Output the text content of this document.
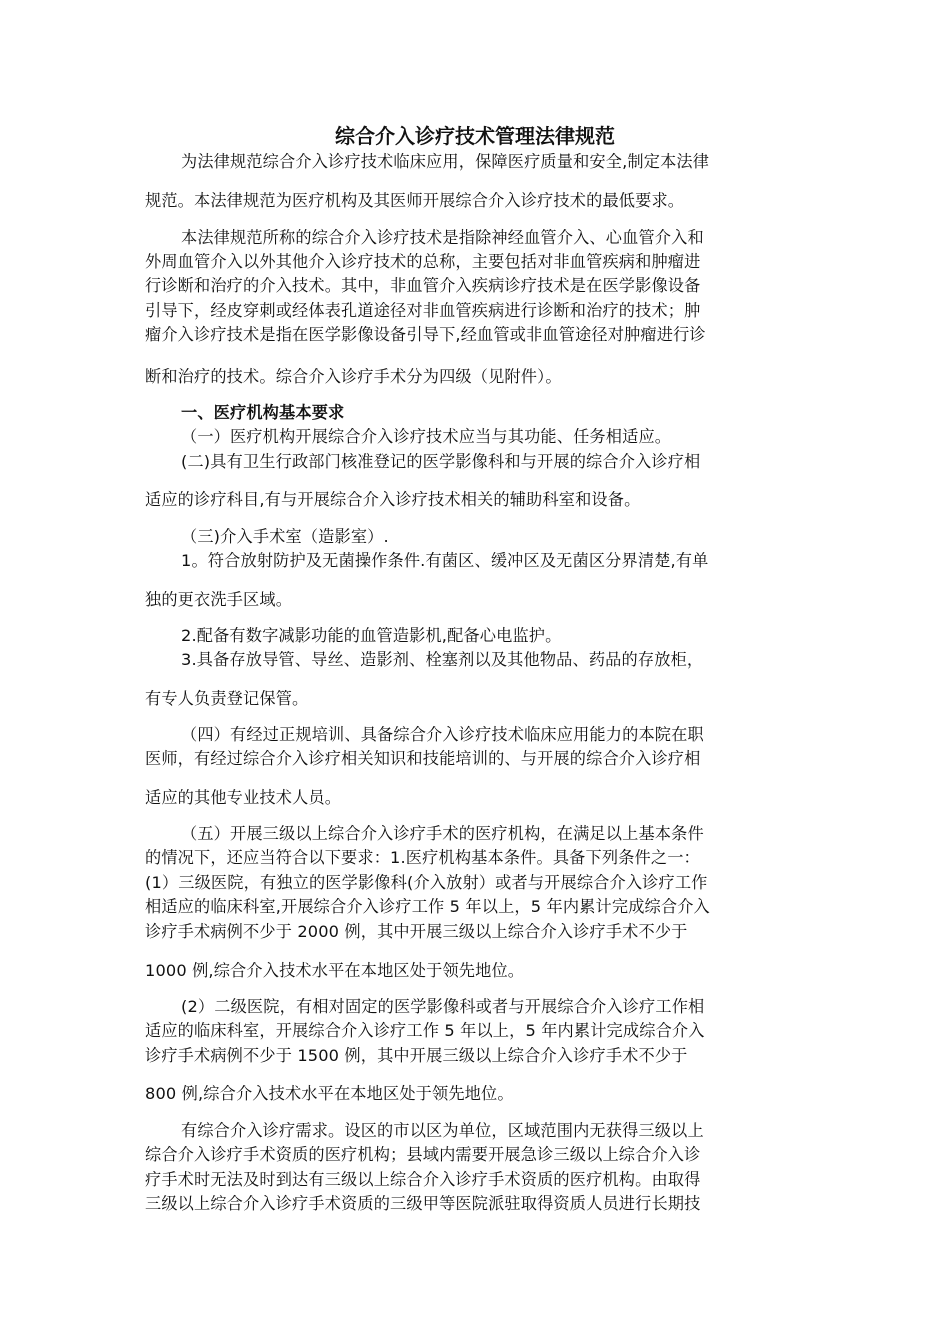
综合介入诊疗技术管理法律规范
为法律规范综合介入诊疗技术临床应用，保障医疗质量和安全,制定本法律
规范。本法律规范为医疗机构及其医师开展综合介入诊疗技术的最低要求。
本法律规范所称的综合介入诊疗技术是指除神经血管介入、心血管介入和
外周血管介入以外其他介入诊疗技术的总称，主要包括对非血管疾病和肿瘤进
行诊断和治疗的介入技术。其中，非血管介入疾病诊疗技术是在医学影像设备
引导下，经皮穿刺或经体表孔道途径对非血管疾病进行诊断和治疗的技术；肿
瘤介入诊疗技术是指在医学影像设备引导下,经血管或非血管途径对肿瘤进行诊
断和治疗的技术。综合介入诊疗手术分为四级（见附件）。
一、医疗机构基本要求
（一）医疗机构开展综合介入诊疗技术应当与其功能、任务相适应。
(二)具有卫生行政部门核准登记的医学影像科和与开展的综合介入诊疗相
适应的诊疗科目,有与开展综合介入诊疗技术相关的辅助科室和设备。
（三)介入手术室（造影室）.
1。符合放射防护及无菌操作条件.有菌区、缓冲区及无菌区分界清楚,有单
独的更衣洗手区域。
2.配备有数字减影功能的血管造影机,配备心电监护。
3.具备存放导管、导丝、造影剂、栓塞剂以及其他物品、药品的存放柜，
有专人负责登记保管。
（四）有经过正规培训、具备综合介入诊疗技术临床应用能力的本院在职
医师，有经过综合介入诊疗相关知识和技能培训的、与开展的综合介入诊疗相
适应的其他专业技术人员。
（五）开展三级以上综合介入诊疗手术的医疗机构，在满足以上基本条件
的情况下，还应当符合以下要求：1.医疗机构基本条件。具备下列条件之一：
(1）三级医院，有独立的医学影像科(介入放射）或者与开展综合介入诊疗工作
相适应的临床科室,开展综合介入诊疗工作 5 年以上，5 年内累计完成综合介入
诊疗手术病例不少于 2000 例，其中开展三级以上综合介入诊疗手术不少于
1000 例,综合介入技术水平在本地区处于领先地位。
(2）二级医院，有相对固定的医学影像科或者与开展综合介入诊疗工作相
适应的临床科室，开展综合介入诊疗工作 5 年以上，5 年内累计完成综合介入
诊疗手术病例不少于 1500 例，其中开展三级以上综合介入诊疗手术不少于
800 例,综合介入技术水平在本地区处于领先地位。
有综合介入诊疗需求。设区的市以区为单位，区域范围内无获得三级以上
综合介入诊疗手术资质的医疗机构；县域内需要开展急诊三级以上综合介入诊
疗手术时无法及时到达有三级以上综合介入诊疗手术资质的医疗机构。由取得
三级以上综合介入诊疗手术资质的三级甲等医院派驻取得资质人员进行长期技
